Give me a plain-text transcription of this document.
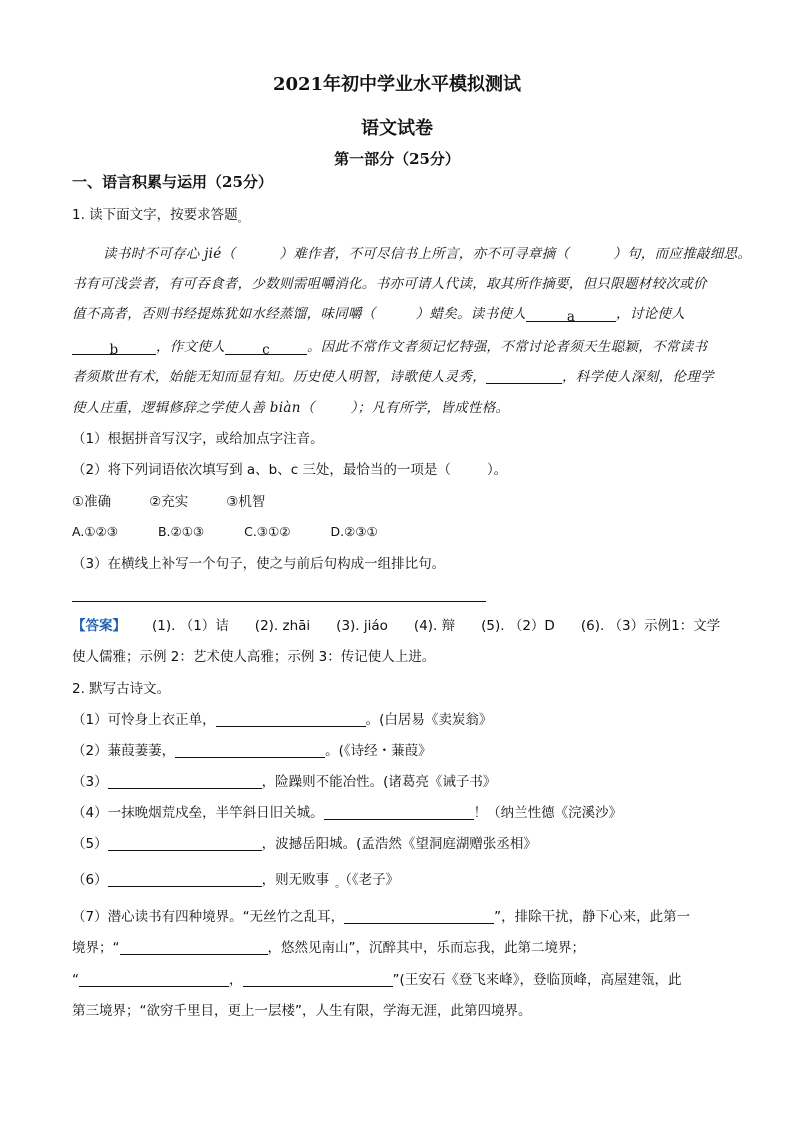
2021年初中学业水平模拟测试
语文试卷
第一部分（25分）
一、语言积累与运用（25分）
1. 读下面文字，按要求答题$_。$
读书时不可存心 jié（	）难作者，不可尽信书上所言，亦不可寻章摘（	）句，而应推敲细思。
书有可浅尝者，有可吞食者，少数则需咀嚼消化。书亦可请人代读，取其所作摘要，但只限题材较次或价
值不高者，否则书经提炼犹如水经蒸馏，味同嚼（	）蜡矣。读书使人	a	，讨论使人
b	，作文使人	c	。因此不常作文者须记忆特强，不常讨论者须天生聪颖，不常读书
者须欺世有术，始能无知而显有知。历史使人明智，诗歌使人灵秀，	，科学使人深刻，伦理学
使人庄重，逻辑修辞之学使人善 biàn（	）；凡有所学，皆成性格。
（1）根据拼音写汉字，或给加点字注音。
（2）将下列词语依次填写到 a、b、c 三处，最恰当的一项是（	）。
①准确	②充实	③机智
A.①②③	B.②①③	C.③①②	D.②③①
（3）在横线上补写一个句子，使之与前后句构成一组排比句。
【答案】 (1). （1）诘 (2). zhāi (3). jiáo (4). 辩 (5). （2）D (6). （3）示例1：文学
使人儒雅；示例 2：艺术使人高雅；示例 3：传记使人上进。
2. 默写古诗文。
（1）可怜身上衣正单，	。(白居易《卖炭翁》
（2）蒹葭萋萋，	。(《诗经・蒹葭》
（3）	，险躁则不能冶性。(诸葛亮《诫子书》
（4）一抹晚烟荒戍垒，半竿斜日旧关城。	！（纳兰性德《浣溪沙》
（5）	，波撼岳阳城。(孟浩然《望洞庭湖赠张丞相》
（6）	，则无败事 $_。$（《老子》
（7）潜心读书有四种境界。“无丝竹之乱耳，	”，排除干扰，静下心来，此第一
境界；“	，悠然见南山”，沉醉其中，乐而忘我，此第二境界；
“	，	”(王安石《登飞来峰》，登临顶峰，高屋建瓴，此
第三境界；“欲穷千里目，更上一层楼”，人生有限，学海无涯，此第四境界。
